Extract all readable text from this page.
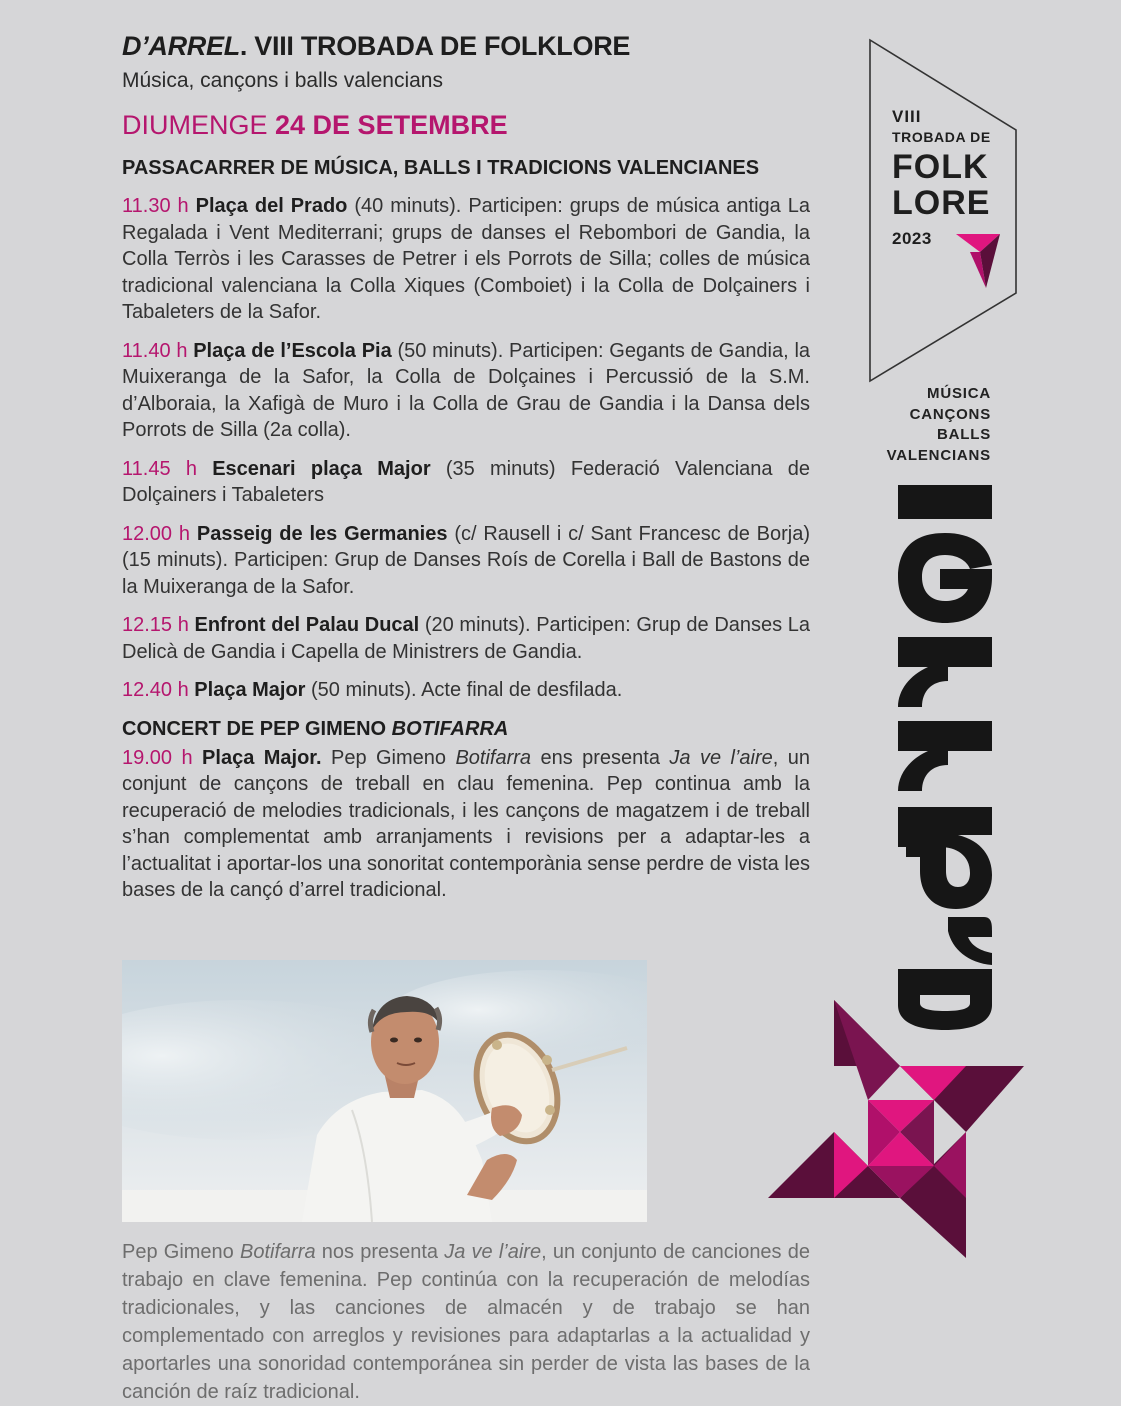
D’ARREL. VIII TROBADA DE FOLKLORE

Música, cançons i balls valencians

DIUMENGE 24 DE SETEMBRE

PASSACARRER DE MÚSICA, BALLS I TRADICIONS VALENCIANES

11.30 h Plaça del Prado (40 minuts). Participen: grups de música antiga La Regalada i Vent Mediterrani; grups de danses el Rebombori de Gandia, la Colla Terròs i les Carasses de Petrer i els Porrots de Silla; colles de música tradicional valenciana la Colla Xiques (Comboiet) i la Colla de Dolçainers i Tabaleters de la Safor.

11.40 h Plaça de l’Escola Pia (50 minuts). Participen: Gegants de Gandia, la Muixeranga de la Safor, la Colla de Dolçaines i Percussió de la S.M. d’Alboraia, la Xafigà de Muro i la Colla de Grau de Gandia i la Dansa dels Porrots de Silla (2a colla).

11.45 h Escenari plaça Major (35 minuts) Federació Valenciana de Dolçainers i Tabaleters

12.00 h Passeig de les Germanies (c/ Rausell i c/ Sant Francesc de Borja) (15 minuts). Participen: Grup de Danses Roís de Corella i Ball de Bastons de la Muixeranga de la Safor.

12.15 h Enfront del Palau Ducal (20 minuts). Participen: Grup de Danses La Delicà de Gandia i Capella de Ministrers de Gandia.

12.40 h Plaça Major (50 minuts). Acte final de desfilada.

CONCERT DE PEP GIMENO BOTIFARRA

19.00 h Plaça Major. Pep Gimeno Botifarra ens presenta Ja ve l’aire, un conjunt de cançons de treball en clau femenina. Pep continua amb la recuperació de melodies tradicionals, i les cançons de magatzem i de treball s’han complementat amb arranjaments i revisions per a adaptar-les a l’actualitat i aportar-los una sonoritat contemporània sense perdre de vista les bases de la cançó d’arrel tradicional.

Pep Gimeno Botifarra nos presenta Ja ve l’aire, un conjunto de canciones de trabajo en clave femenina. Pep continúa con la recuperación de melodías tradicionales, y las canciones de almacén y de trabajo se han complementado con arreglos y revisiones para adaptarlas a la actualidad y aportarles una sonoridad contemporánea sin perder de vista las bases de la canción de raíz tradicional.

VIII

TROBADA DE

FOLK

LORE

2023

MÚSICA
CANÇONS
BALLS
VALENCIANS
